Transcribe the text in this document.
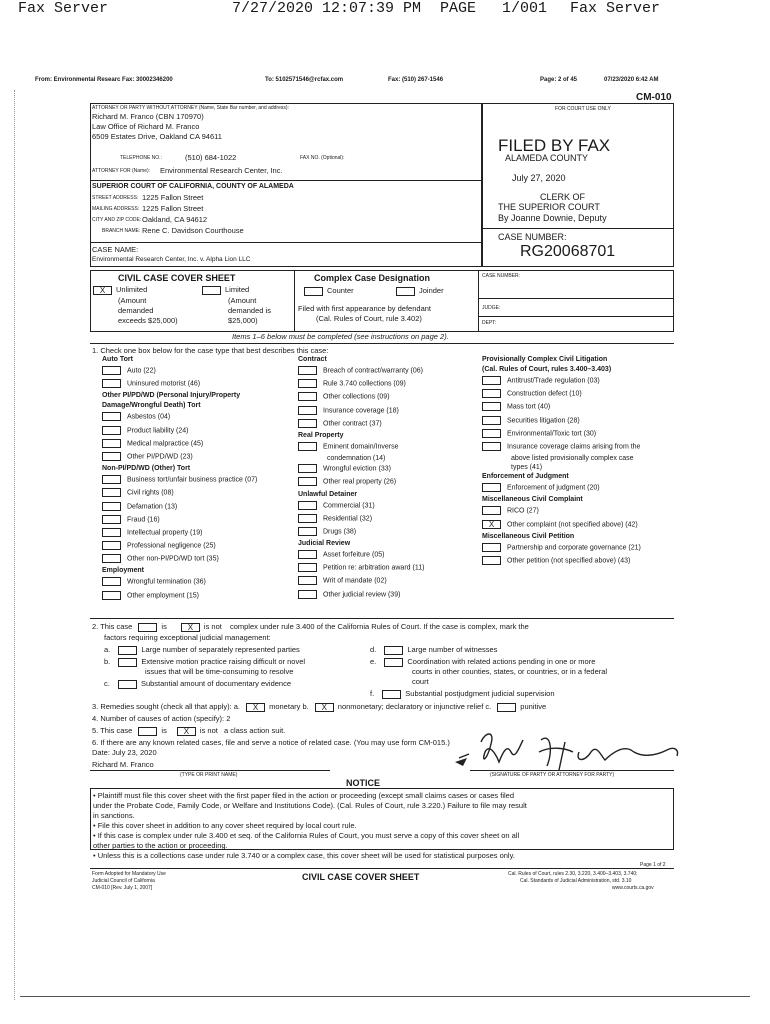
Fax Server	7/27/2020 12:07:39 PM PAGE 1/001 Fax Server
From: Environmental Researc Fax: 30002346200	To: 5102571546@rcfax.com	Fax: (510) 267-1546	Page: 2 of 45	07/23/2020 6:42 AM
CM-010
ATTORNEY OR PARTY WITHOUT ATTORNEY (Name, State Bar number, and address):
Richard M. Franco (CBN 170970)
Law Office of Richard M. Franco
6509 Estates Drive, Oakland CA 94611
TELEPHONE NO.:	(510) 684-1022	FAX NO. (Optional):
ATTORNEY FOR (Name): Environmental Research Center, Inc.
SUPERIOR COURT OF CALIFORNIA, COUNTY OF ALAMEDA
STREET ADDRESS: 1225 Fallon Street
MAILING ADDRESS: 1225 Fallon Street
CITY AND ZIP CODE: Oakland, CA 94612
BRANCH NAME: Rene C. Davidson Courthouse
CASE NAME:
Environmental Research Center, Inc. v. Alpha Lion LLC
FOR COURT USE ONLY
FILED BY FAX
ALAMEDA COUNTY
July 27, 2020
CLERK OF
THE SUPERIOR COURT
By Joanne Downie, Deputy
CASE NUMBER:
RG20068701
CIVIL CASE COVER SHEET
X Unlimited
(Amount
demanded
exceeds $25,000)
Limited
(Amount
demanded is
$25,000)
Complex Case Designation
Counter	Joinder
Filed with first appearance by defendant
(Cal. Rules of Court, rule 3.402)
CASE NUMBER:
JUDGE:
DEPT:
Items 1–6 below must be completed (see instructions on page 2).
1. Check one box below for the case type that best describes this case:
Auto Tort
Auto (22)
Uninsured motorist (46)
Other PI/PD/WD (Personal Injury/Property
Damage/Wrongful Death) Tort
Asbestos (04)
Product liability (24)
Medical malpractice (45)
Other PI/PD/WD (23)
Non-PI/PD/WD (Other) Tort
Business tort/unfair business practice (07)
Civil rights (08)
Defamation (13)
Fraud (16)
Intellectual property (19)
Professional negligence (25)
Other non-PI/PD/WD tort (35)
Employment
Wrongful termination (36)
Other employment (15)
Contract
Breach of contract/warranty (06)
Rule 3.740 collections (09)
Other collections (09)
Insurance coverage (18)
Other contract (37)
Real Property
Eminent domain/Inverse
condemnation (14)
Wrongful eviction (33)
Other real property (26)
Unlawful Detainer
Commercial (31)
Residential (32)
Drugs (38)
Judicial Review
Asset forfeiture (05)
Petition re: arbitration award (11)
Writ of mandate (02)
Other judicial review (39)
Provisionally Complex Civil Litigation
(Cal. Rules of Court, rules 3.400–3.403)
Antitrust/Trade regulation (03)
Construction defect (10)
Mass tort (40)
Securities litigation (28)
Environmental/Toxic tort (30)
Insurance coverage claims arising from the
above listed provisionally complex case
types (41)
Enforcement of Judgment
Enforcement of judgment (20)
Miscellaneous Civil Complaint
RICO (27)
X Other complaint (not specified above) (42)
Miscellaneous Civil Petition
Partnership and corporate governance (21)
Other petition (not specified above) (43)
2. This case	is	X is not complex under rule 3.400 of the California Rules of Court. If the case is complex, mark the
factors requiring exceptional judicial management:
a.	Large number of separately represented parties
b.	Extensive motion practice raising difficult or novel
issues that will be time-consuming to resolve
c.	Substantial amount of documentary evidence
d.	Large number of witnesses
e.	Coordination with related actions pending in one or more
courts in other counties, states, or countries, or in a federal
court
f.	Substantial postjudgment judicial supervision
3. Remedies sought (check all that apply): a. X monetary b. X nonmonetary; declaratory or injunctive relief c.	punitive
4. Number of causes of action (specify): 2
5. This case	is X is not a class action suit.
6. If there are any known related cases, file and serve a notice of related case. (You may use form CM-015.)
Date: July 23, 2020
Richard M. Franco
(TYPE OR PRINT NAME)	(SIGNATURE OF PARTY OR ATTORNEY FOR PARTY)
NOTICE
• Plaintiff must file this cover sheet with the first paper filed in the action or proceeding (except small claims cases or cases filed
under the Probate Code, Family Code, or Welfare and Institutions Code). (Cal. Rules of Court, rule 3.220.) Failure to file may result
in sanctions.
• File this cover sheet in addition to any cover sheet required by local court rule.
• If this case is complex under rule 3.400 et seq. of the California Rules of Court, you must serve a copy of this cover sheet on all
other parties to the action or proceeding.
• Unless this is a collections case under rule 3.740 or a complex case, this cover sheet will be used for statistical purposes only.
Page 1 of 2
Form Adopted for Mandatory Use
Judicial Council of California
CM-010 [Rev. July 1, 2007]
CIVIL CASE COVER SHEET	Cal. Rules of Court, rules 2.30, 3.220, 3.400–3.403, 3.740;
Cal. Standards of Judicial Administration, std. 3.10
www.courts.ca.gov
